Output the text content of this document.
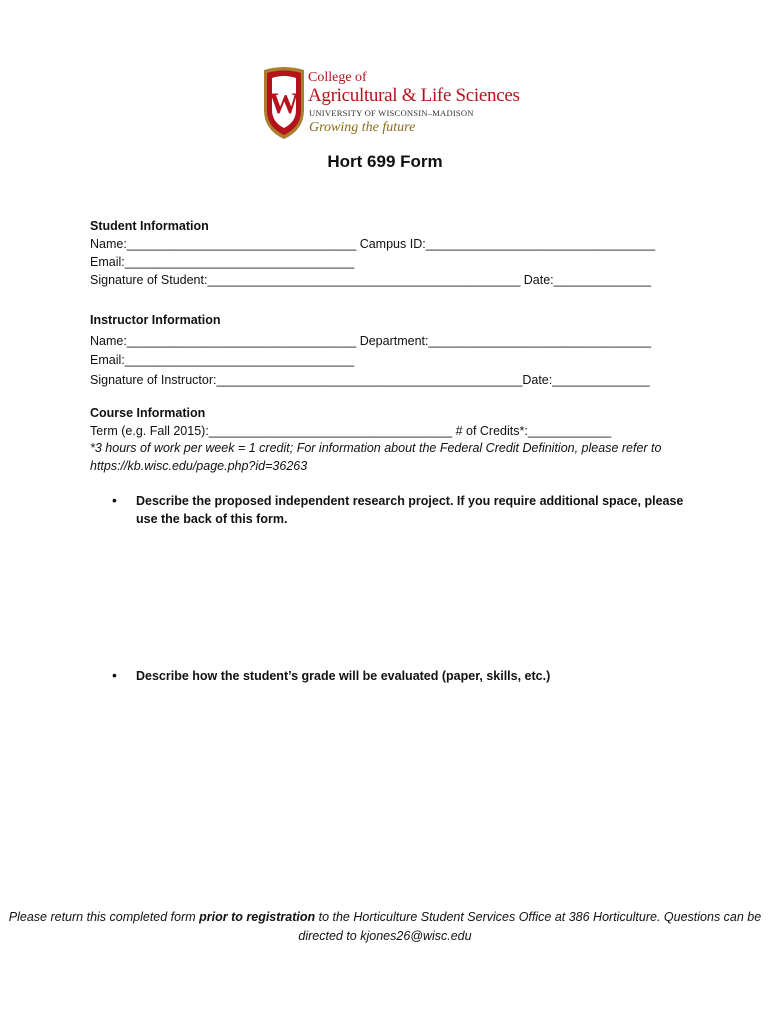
W
College of
Agricultural & Life Sciences
UNIVERSITY OF WISCONSIN–MADISON
Growing the future
Hort 699 Form
Student Information
Name:_________________________________ Campus ID:_________________________________
Email:_________________________________
Signature of Student:_____________________________________________ Date:______________
Instructor Information
Name:_________________________________ Department:________________________________
Email:_________________________________
Signature of Instructor:____________________________________________Date:______________
Course Information
Term (e.g. Fall 2015):___________________________________ # of Credits*:____________
*3 hours of work per week = 1 credit; For information about the Federal Credit Definition, please refer to
https://kb.wisc.edu/page.php?id=36263
• Describe the proposed independent research project. If you require additional space, please use the back of this form.
• Describe how the student’s grade will be evaluated (paper, skills, etc.)
Please return this completed form prior to registration to the Horticulture Student Services Office at 386 Horticulture. Questions can be directed to kjones26@wisc.edu
